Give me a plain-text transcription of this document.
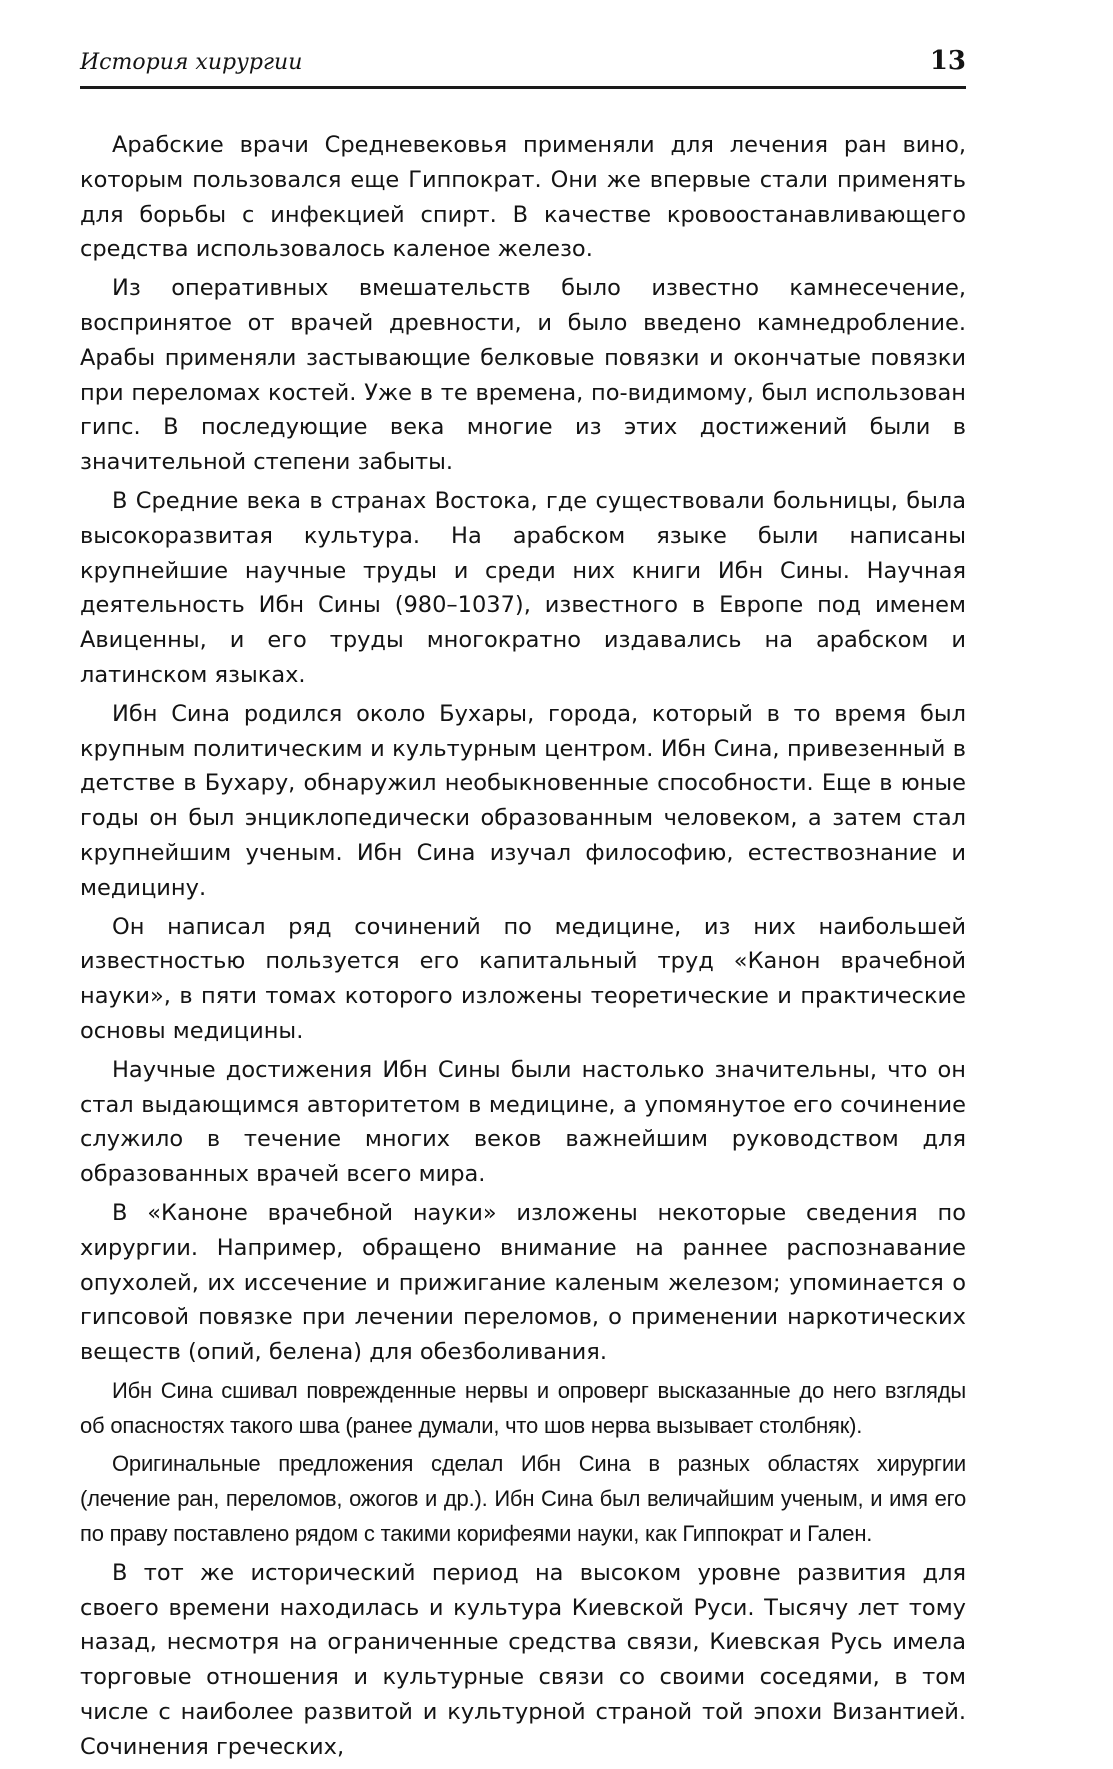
История хирургии	13

Арабские врачи Средневековья применяли для лечения ран вино, которым пользовался еще Гиппократ. Они же впервые стали применять для борьбы с инфекцией спирт. В качестве кровоостанавливающего средства использовалось каленое железо.

Из оперативных вмешательств было известно камнесечение, воспринятое от врачей древности, и было введено камнедробление. Арабы применяли застывающие белковые повязки и окончатые повязки при переломах костей. Уже в те времена, по-видимому, был использован гипс. В последующие века многие из этих достижений были в значительной степени забыты.

В Средние века в странах Востока, где существовали больницы, была высокоразвитая культура. На арабском языке были написаны крупнейшие научные труды и среди них книги Ибн Сины. Научная деятельность Ибн Сины (980–1037), известного в Европе под именем Авиценны, и его труды многократно издавались на арабском и латинском языках.

Ибн Сина родился около Бухары, города, который в то время был крупным политическим и культурным центром. Ибн Сина, привезенный в детстве в Бухару, обнаружил необыкновенные способности. Еще в юные годы он был энциклопедически образованным человеком, а затем стал крупнейшим ученым. Ибн Сина изучал философию, естествознание и медицину.

Он написал ряд сочинений по медицине, из них наибольшей известностью пользуется его капитальный труд «Канон врачебной науки», в пяти томах которого изложены теоретические и практические основы медицины.

Научные достижения Ибн Сины были настолько значительны, что он стал выдающимся авторитетом в медицине, а упомянутое его сочинение служило в течение многих веков важнейшим руководством для образованных врачей всего мира.

В «Каноне врачебной науки» изложены некоторые сведения по хирургии. Например, обращено внимание на раннее распознавание опухолей, их иссечение и прижигание каленым железом; упоминается о гипсовой повязке при лечении переломов, о применении наркотических веществ (опий, белена) для обезболивания.

Ибн Сина сшивал поврежденные нервы и опроверг высказанные до него взгляды об опасностях такого шва (ранее думали, что шов нерва вызывает столбняк).

Оригинальные предложения сделал Ибн Сина в разных областях хирургии (лечение ран, переломов, ожогов и др.). Ибн Сина был величайшим ученым, и имя его по праву поставлено рядом с такими корифеями науки, как Гиппократ и Гален.

В тот же исторический период на высоком уровне развития для своего времени находилась и культура Киевской Руси. Тысячу лет тому назад, несмотря на ограниченные средства связи, Киевская Русь имела торговые отношения и культурные связи со своими соседями, в том числе с наиболее развитой и культурной страной той эпохи Византией. Сочинения греческих,
